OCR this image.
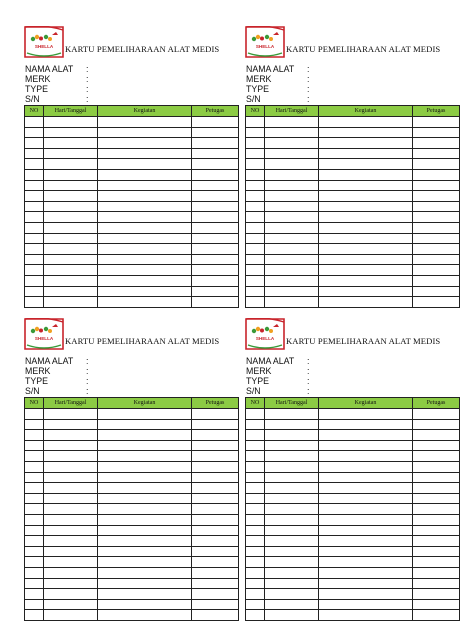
SHELLA KARTU PEMELIHARAAN ALAT MEDIS
NAMA ALAT :
MERK	:
TYPE	:
S/N	:
NO	Hari/Tanggal	Kegiatan	Petugas

SHELLA KARTU PEMELIHARAAN ALAT MEDIS
NAMA ALAT :
MERK	:
TYPE	:
S/N	:
NO	Hari/Tanggal	Kegiatan	Petugas

SHELLA KARTU PEMELIHARAAN ALAT MEDIS
NAMA ALAT :
MERK	:
TYPE	:
S/N	:
NO	Hari/Tanggal	Kegiatan	Petugas

SHELLA KARTU PEMELIHARAAN ALAT MEDIS
NAMA ALAT :
MERK	:
TYPE	:
S/N	:
NO	Hari/Tanggal	Kegiatan	Petugas
